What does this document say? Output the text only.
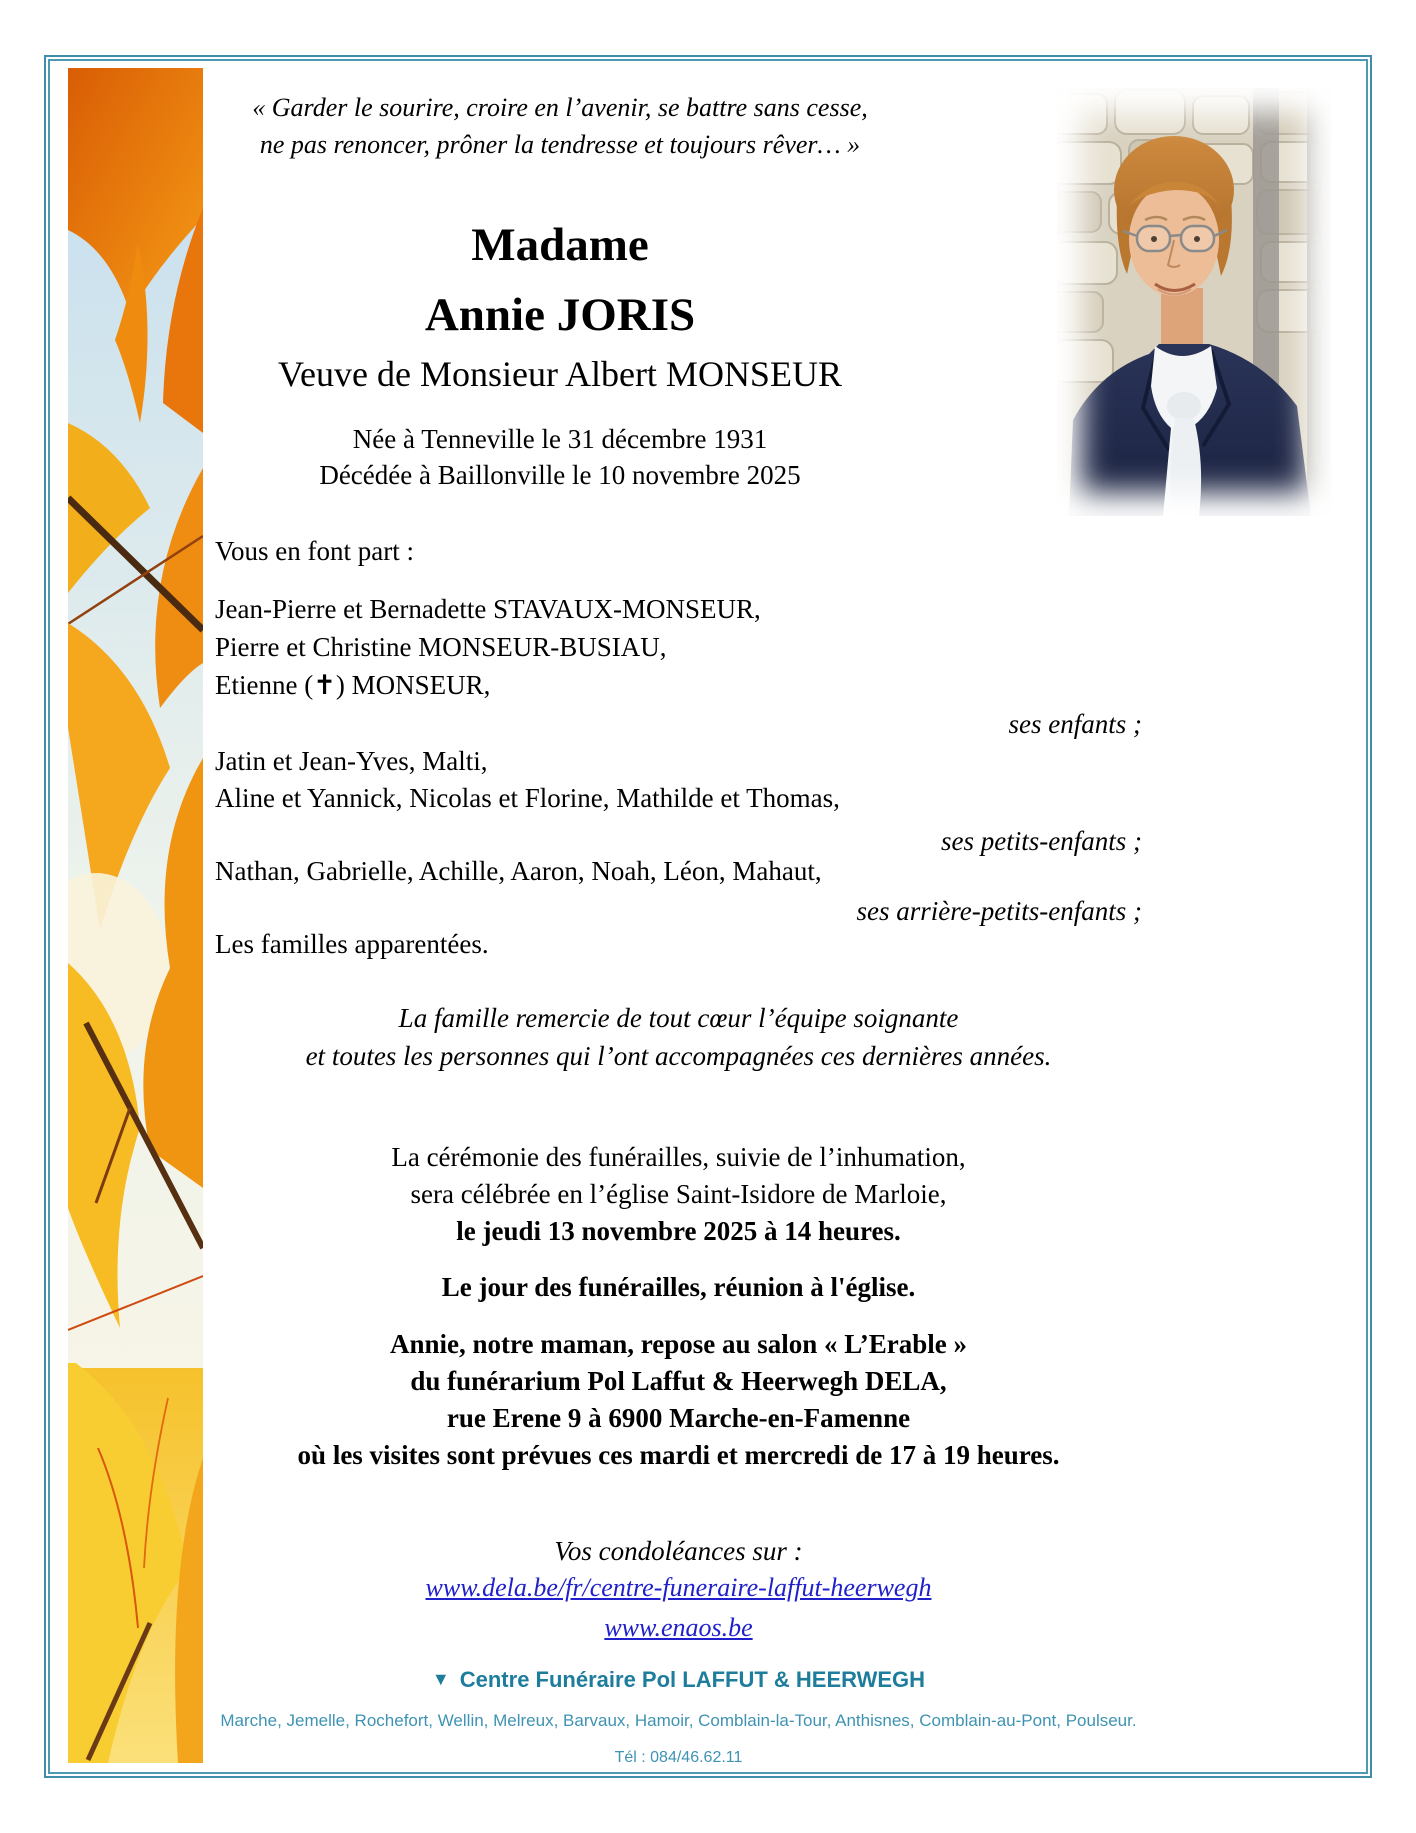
« Garder le sourire, croire en l’avenir, se battre sans cesse,
ne pas renoncer, prôner la tendresse et toujours rêver… »
Madame
Annie JORIS
Veuve de Monsieur Albert MONSEUR
Née à Tenneville le 31 décembre 1931
Décédée à Baillonville le 10 novembre 2025
Vous en font part :
Jean-Pierre et Bernadette STAVAUX-MONSEUR,
Pierre et Christine MONSEUR-BUSIAU,
Etienne (✝) MONSEUR,
ses enfants ;
Jatin et Jean-Yves, Malti,
Aline et Yannick, Nicolas et Florine, Mathilde et Thomas,
ses petits-enfants ;
Nathan, Gabrielle, Achille, Aaron, Noah, Léon, Mahaut,
ses arrière-petits-enfants ;
Les familles apparentées.
La famille remercie de tout cœur l’équipe soignante
et toutes les personnes qui l’ont accompagnées ces dernières années.
La cérémonie des funérailles, suivie de l’inhumation,
sera célébrée en l’église Saint-Isidore de Marloie,
le jeudi 13 novembre 2025 à 14 heures.
Le jour des funérailles, réunion à l'église.
Annie, notre maman, repose au salon « L’Erable »
du funérarium Pol Laffut & Heerwegh DELA,
rue Erene 9 à 6900 Marche-en-Famenne
où les visites sont prévues ces mardi et mercredi de 17 à 19 heures.
Vos condoléances sur :
www.dela.be/fr/centre-funeraire-laffut-heerwegh
www.enaos.be
▼ Centre Funéraire Pol LAFFUT & HEERWEGH
Marche, Jemelle, Rochefort, Wellin, Melreux, Barvaux, Hamoir, Comblain-la-Tour, Anthisnes, Comblain-au-Pont, Poulseur.
Tél : 084/46.62.11
